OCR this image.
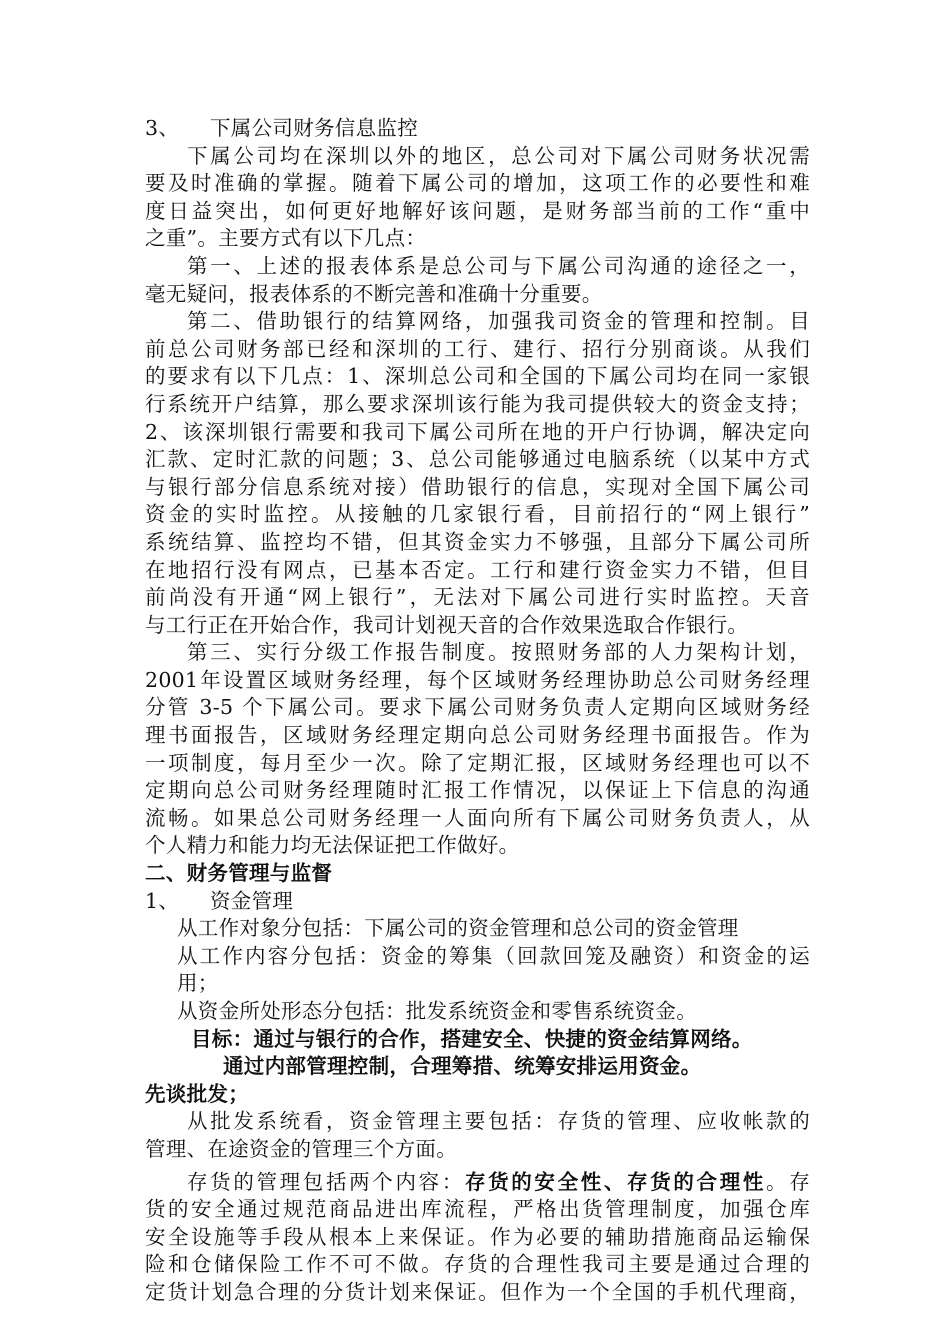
3、 下属公司财务信息监控
下属公司均在深圳以外的地区，总公司对下属公司财务状况需
要及时准确的掌握。随着下属公司的增加，这项工作的必要性和难
度日益突出，如何更好地解好该问题，是财务部当前的工作“重中
之重”。主要方式有以下几点：
第一、上述的报表体系是总公司与下属公司沟通的途径之一，
毫无疑问，报表体系的不断完善和准确十分重要。
第二、借助银行的结算网络，加强我司资金的管理和控制。目
前总公司财务部已经和深圳的工行、建行、招行分别商谈。从我们
的要求有以下几点：1、深圳总公司和全国的下属公司均在同一家银
行系统开户结算，那么要求深圳该行能为我司提供较大的资金支持；
2、该深圳银行需要和我司下属公司所在地的开户行协调，解决定向
汇款、定时汇款的问题；3、总公司能够通过电脑系统（以某中方式
与银行部分信息系统对接）借助银行的信息，实现对全国下属公司
资金的实时监控。从接触的几家银行看，目前招行的“网上银行”
系统结算、监控均不错，但其资金实力不够强，且部分下属公司所
在地招行没有网点，已基本否定。工行和建行资金实力不错，但目
前尚没有开通“网上银行”，无法对下属公司进行实时监控。天音
与工行正在开始合作，我司计划视天音的合作效果选取合作银行。
第三、实行分级工作报告制度。按照财务部的人力架构计划，
2001年设置区域财务经理，每个区域财务经理协助总公司财务经理
分管 3-5 个下属公司。要求下属公司财务负责人定期向区域财务经
理书面报告，区域财务经理定期向总公司财务经理书面报告。作为
一项制度，每月至少一次。除了定期汇报，区域财务经理也可以不
定期向总公司财务经理随时汇报工作情况，以保证上下信息的沟通
流畅。如果总公司财务经理一人面向所有下属公司财务负责人，从
个人精力和能力均无法保证把工作做好。
二、财务管理与监督
1、 资金管理
从工作对象分包括：下属公司的资金管理和总公司的资金管理
从工作内容分包括：资金的筹集（回款回笼及融资）和资金的运
用；
从资金所处形态分包括：批发系统资金和零售系统资金。
目标：通过与银行的合作，搭建安全、快捷的资金结算网络。
通过内部管理控制，合理筹措、统筹安排运用资金。
先谈批发；
从批发系统看，资金管理主要包括：存货的管理、应收帐款的
管理、在途资金的管理三个方面。
存货的管理包括两个内容：存货的安全性、存货的合理性。存
货的安全通过规范商品进出库流程，严格出货管理制度，加强仓库
安全设施等手段从根本上来保证。作为必要的辅助措施商品运输保
险和仓储保险工作不可不做。存货的合理性我司主要是通过合理的
定货计划急合理的分货计划来保证。但作为一个全国的手机代理商，
